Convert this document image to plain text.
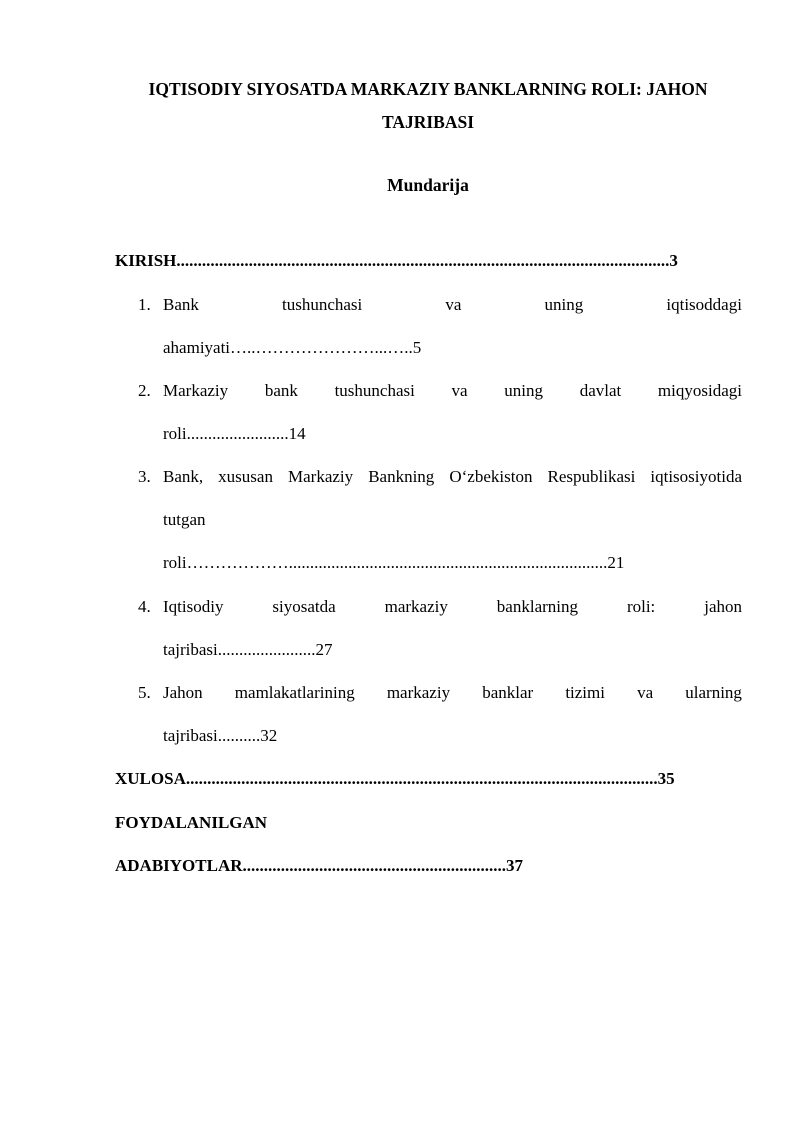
IQTISODIY SIYOSATDA MARKAZIY BANKLARNING ROLI: JAHON
TAJRIBASI
Mundarija
KIRISH....................................................................................................................3
1. Bank	tushunchasi	va	uning	iqtisoddagi
ahamiyati…..…………………...…..5
2. Markaziy bank tushunchasi va uning davlat miqyosidagi
roli........................14
3. Bank, xususan Markaziy Bankning O‘zbekiston Respublikasi iqtisosiyotida
tutgan
roli………………...........................................................................21
4. Iqtisodiy	siyosatda	markaziy	banklarning	roli:	jahon
tajribasi.......................27
5. Jahon mamlakatlarining markaziy banklar tizimi va ularning
tajribasi..........32
XULOSA...............................................................................................................35
FOYDALANILGAN
ADABIYOTLAR..............................................................37
